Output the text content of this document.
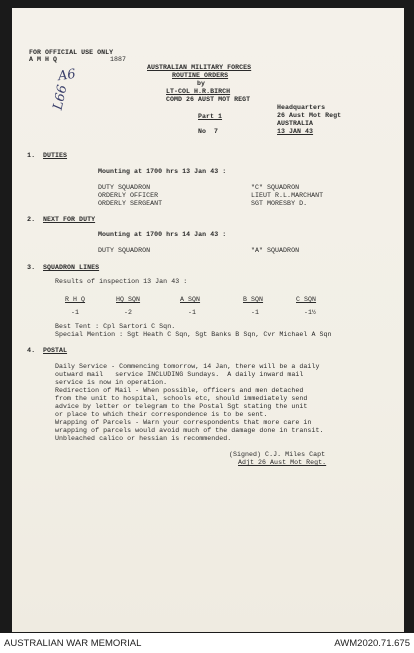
FOR OFFICIAL USE ONLY
A M H Q	1887
AUSTRALIAN MILITARY FORCES
ROUTINE ORDERS
by
LT-COL H.R.BIRCH
COMD 26 AUST MOT REGT
Part 1
No  7
Headquarters
26 Aust Mot Regt
AUSTRALIA
13 JAN 43
A6
L66
1. DUTIES
Mounting at 1700 hrs 13 Jan 43 :
DUTY SQUADRON	"C" SQUADRON
ORDERLY OFFICER	LIEUT R.L.MARCHANT
ORDERLY SERGEANT	SGT MORESBY D.
2. NEXT FOR DUTY
Mounting at 1700 hrs 14 Jan 43 :
DUTY SQUADRON	"A" SQUADRON
3. SQUADRON LINES
Results of inspection 13 Jan 43 :
R H Q	HQ SQN	A SQN	B SQN	C SQN
-1	-2	-1	-1	-1½
Best Tent : Cpl Sartori C Sqn.
Special Mention : Sgt Heath C Sqn, Sgt Banks B Sqn, Cvr Michael A Sqn
4. POSTAL
Daily Service - Commencing tomorrow, 14 Jan, there will be a daily
outward mail   service INCLUDING Sundays.  A daily inward mail
service is now in operation.
Redirection of Mail - When possible, officers and men detached
from the unit to hospital, schools etc, should immediately send
advice by letter or telegram to the Postal Sgt stating the unit
or place to which their correspondence is to be sent.
Wrapping of Parcels - Warn your correspondents that more care in
wrapping of parcels would avoid much of the damage done in transit.
Unbleached calico or hessian is recommended.
(Signed) C.J. Miles Capt
Adjt 26 Aust Mot Regt.
AUSTRALIAN WAR MEMORIAL	AWM2020.71.675
